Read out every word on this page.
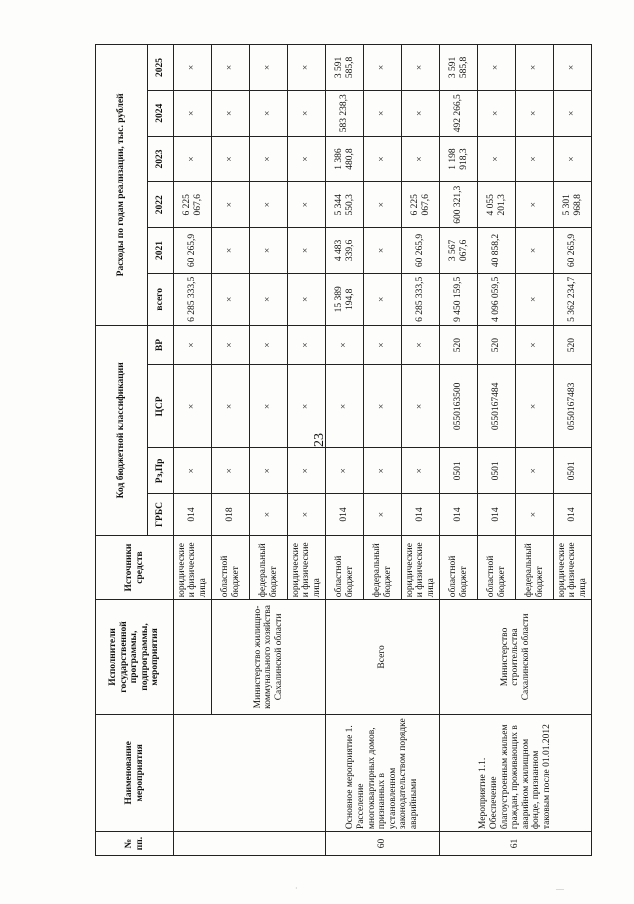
23
№ пп.	Наименование мероприятия	Исполнители государственной программы, подпрограммы, мероприятия	Источники средств	Код бюджетной классификации				Расходы по годам реализации, тыс. рублей					
				ГРБС	Рз,Пр	ЦСР	ВР	всего	2021	2022	2023	2024	2025
			юридические и физические лица	014	×	×	×	6 285 333,5	60 265,9	6 225 067,6	×	×	×
		Министерство жилищно-коммунального хозяйства Сахалинской области	областной бюджет	018	×	×	×	×	×	×	×	×	×
			федеральный бюджет	×	×	×	×	×	×	×	×	×	×
			юридические и физические лица	×	×	×	×	×	×	×	×	×	×
60	Основное мероприятие 1. Расселение многоквартирных домов, признанных в установленном законодательством порядке аварийными	Всего	областной бюджет	014	×	×	×	15 389 194,8	4 483 339,6	5 344 550,3	1 386 480,8	583 238,3	3 591 585,8
			федеральный бюджет	×	×	×	×	×	×	×	×	×	×
			юридические и физические лица	014	×	×	×	6 285 333,5	60 265,9	6 225 067,6	×	×	×
61	Мероприятие 1.1. Обеспечение благоустроенным жильем граждан, проживающих в аварийном жилищном фонде, признанном таковым после 01.01.2012	Министерство строительства Сахалинской области	областной бюджет	014	0501	0550163500	520	9 450 159,5	3 567 067,6	600 321,3	1 198 918,3	492 266,5	3 591 585,8
			областной бюджет	014	0501	0550167484	520	4 096 059,5	40 858,2	4 055 201,3	×	×	×
			федеральный бюджет	×	×	×	×	×	×	×	×	×	×
			юридические и физические лица	014	0501	0550167483	520	5 362 234,7	60 265,9	5 301 968,8	×	×	×
·	—
